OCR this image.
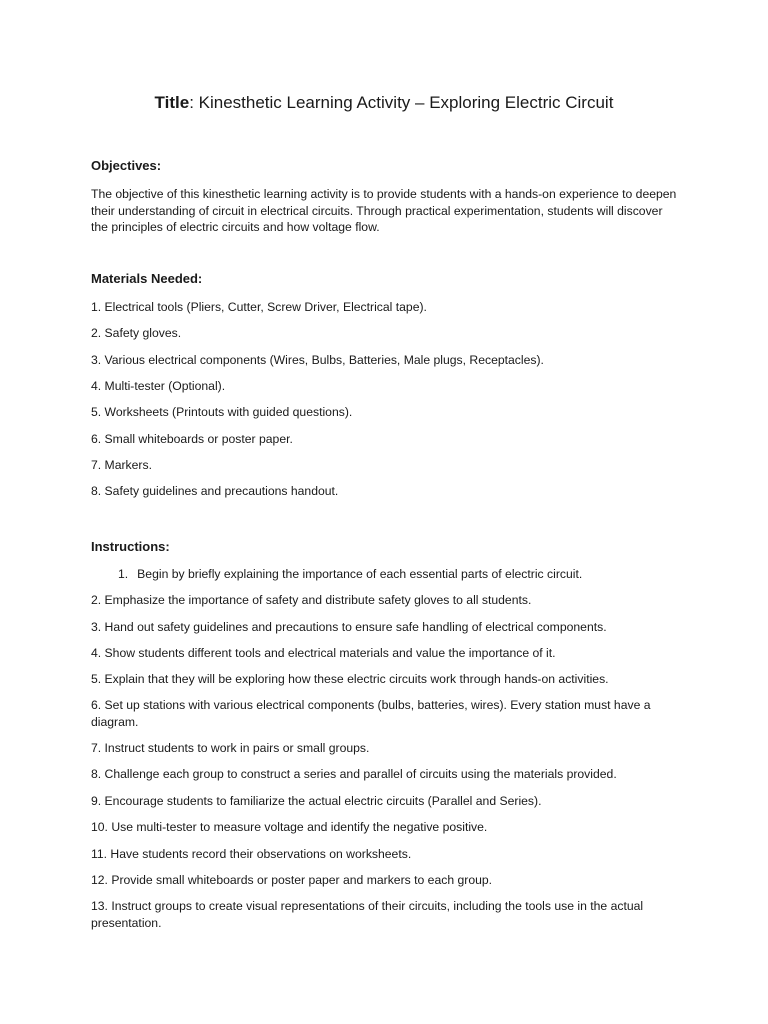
Title: Kinesthetic Learning Activity – Exploring Electric Circuit
Objectives:

The objective of this kinesthetic learning activity is to provide students with a hands-on experience to deepen their understanding of circuit in electrical circuits. Through practical experimentation, students will discover the principles of electric circuits and how voltage flow.

Materials Needed:

1. Electrical tools (Pliers, Cutter, Screw Driver, Electrical tape).

2. Safety gloves.

3. Various electrical components (Wires, Bulbs, Batteries, Male plugs, Receptacles).

4. Multi-tester (Optional).

5. Worksheets (Printouts with guided questions).

6. Small whiteboards or poster paper.

7. Markers.

8. Safety guidelines and precautions handout.

Instructions:

1. Begin by briefly explaining the importance of each essential parts of electric circuit.

2. Emphasize the importance of safety and distribute safety gloves to all students.

3. Hand out safety guidelines and precautions to ensure safe handling of electrical components.

4. Show students different tools and electrical materials and value the importance of it.

5. Explain that they will be exploring how these electric circuits work through hands-on activities.

6. Set up stations with various electrical components (bulbs, batteries, wires). Every station must have a diagram.

7. Instruct students to work in pairs or small groups.

8. Challenge each group to construct a series and parallel of circuits using the materials provided.

9. Encourage students to familiarize the actual electric circuits (Parallel and Series).

10. Use multi-tester to measure voltage and identify the negative positive.

11. Have students record their observations on worksheets.

12. Provide small whiteboards or poster paper and markers to each group.

13. Instruct groups to create visual representations of their circuits, including the tools use in the actual presentation.
